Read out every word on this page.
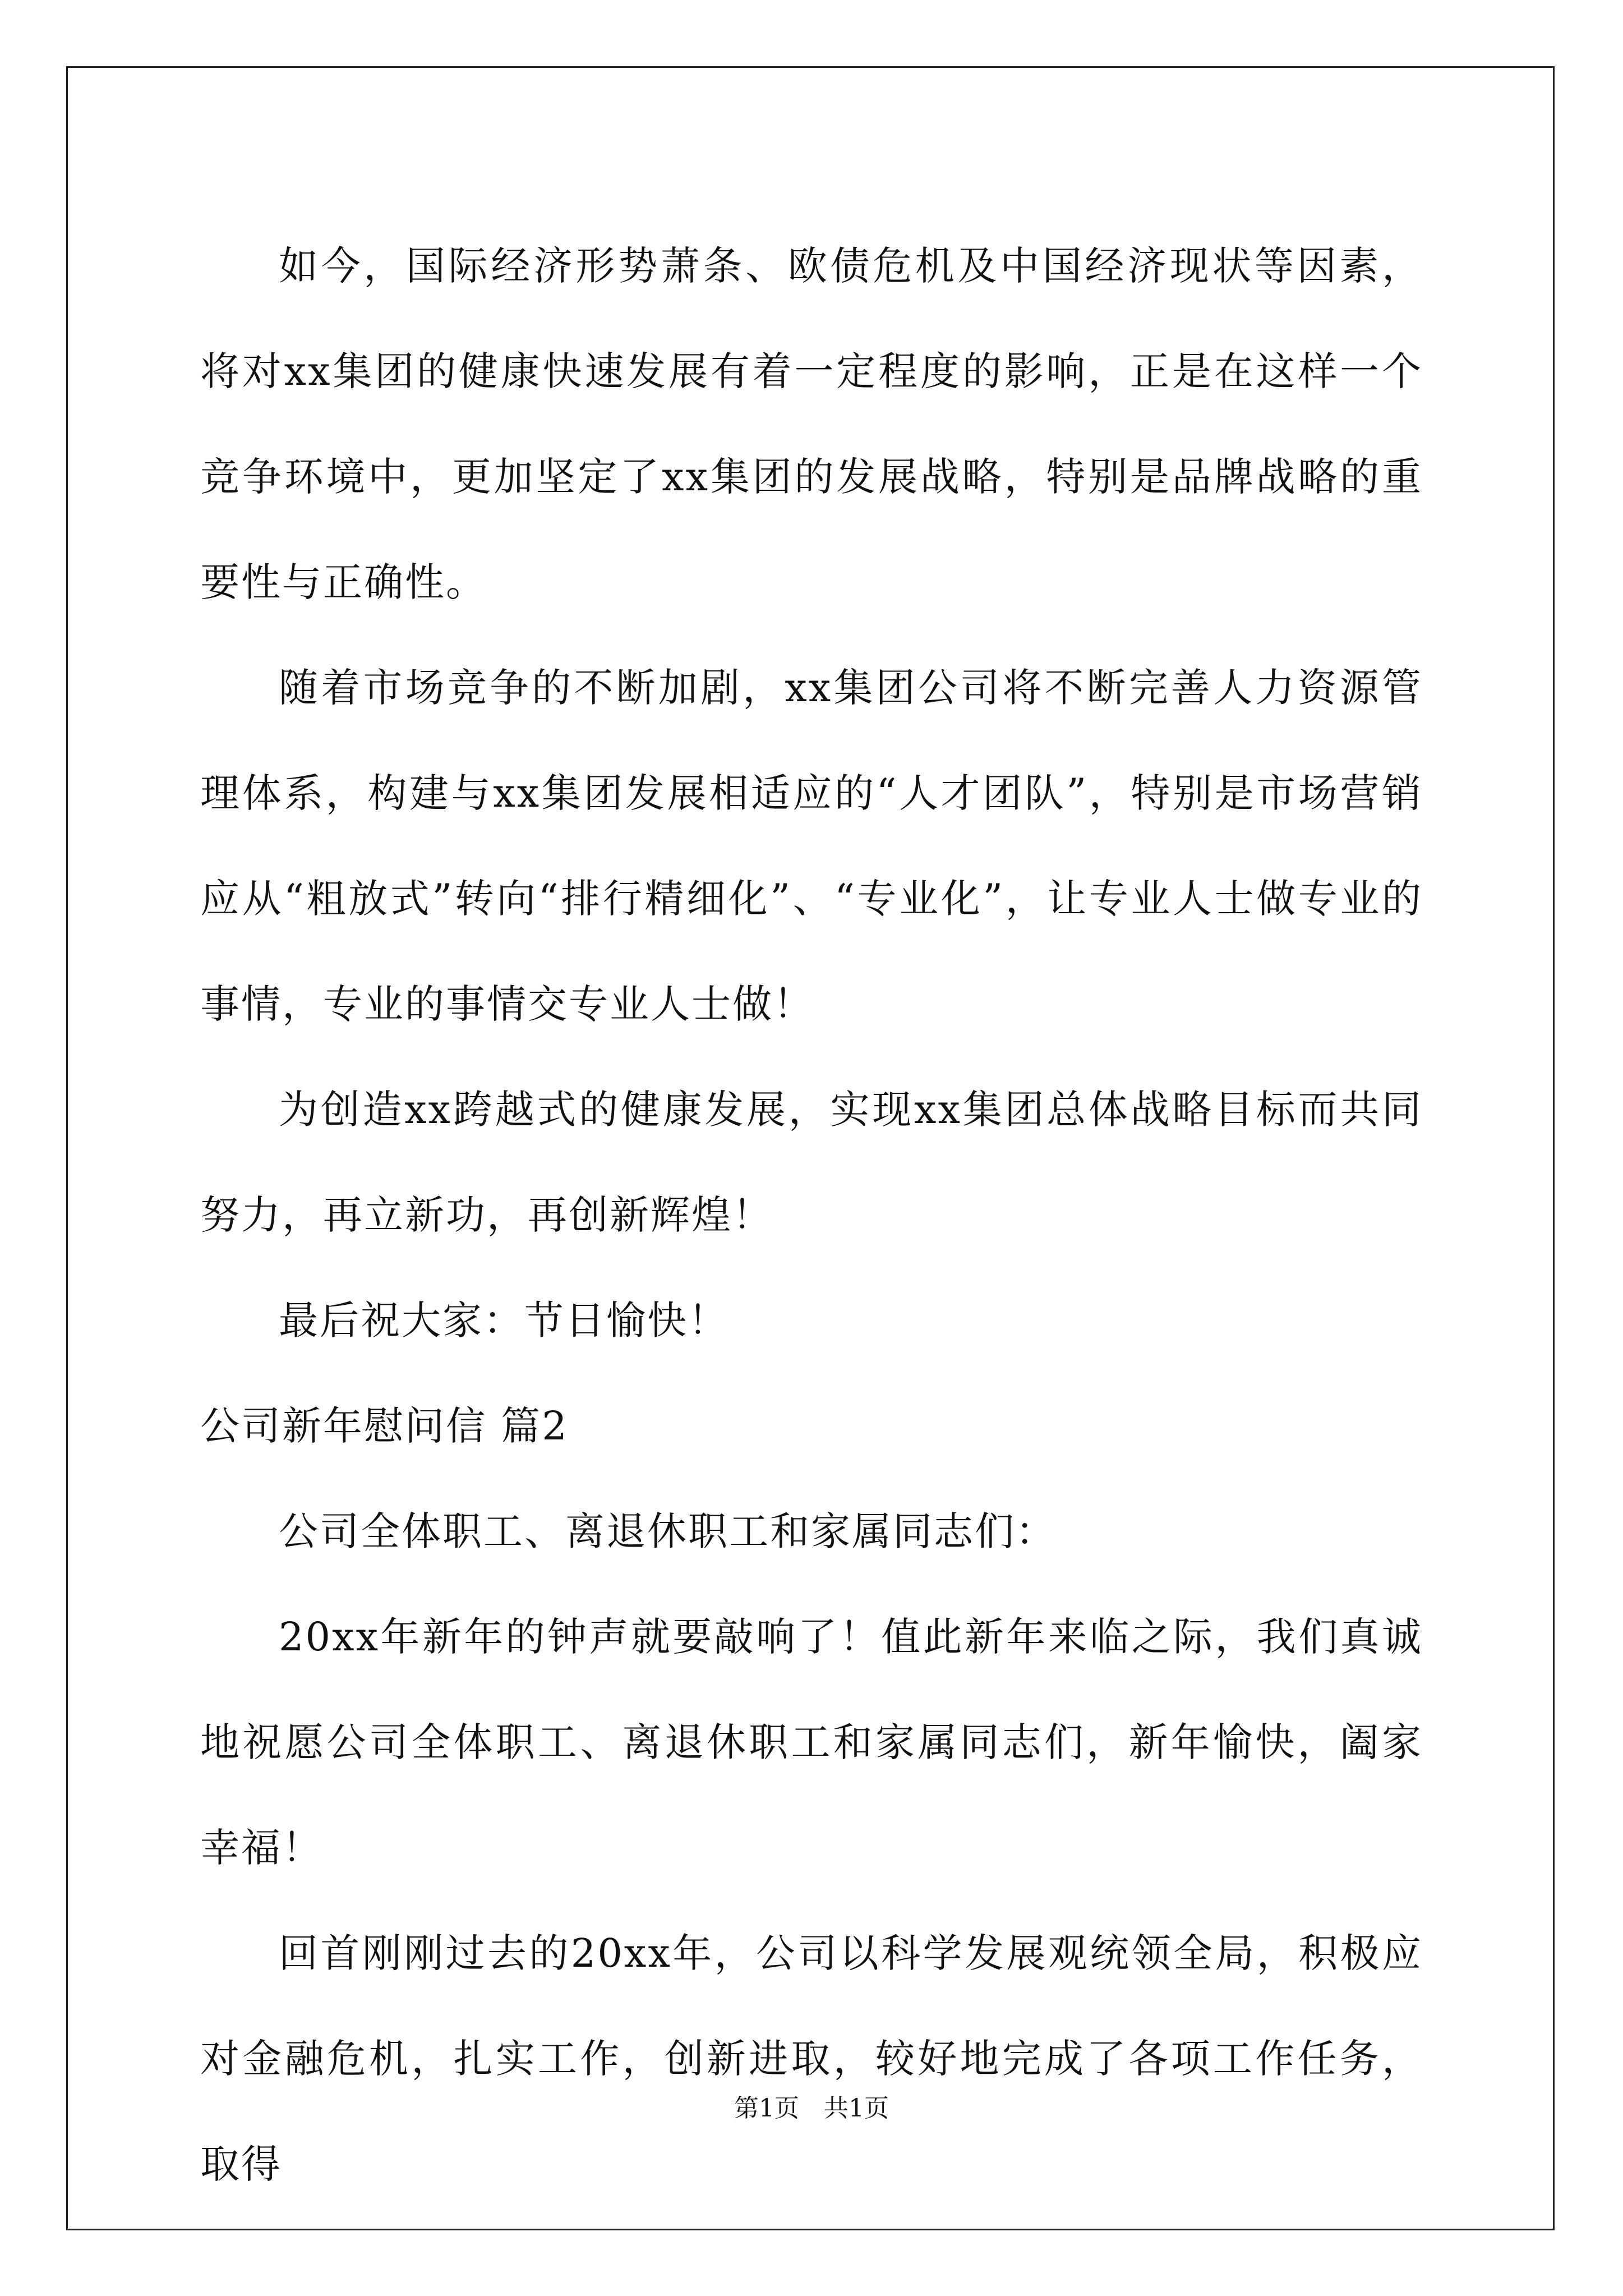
如今，国际经济形势萧条、欧债危机及中国经济现状等因素，将对xx集团的健康快速发展有着一定程度的影响，正是在这样一个竞争环境中，更加坚定了xx集团的发展战略，特别是品牌战略的重要性与正确性。

随着市场竞争的不断加剧，xx集团公司将不断完善人力资源管理体系，构建与xx集团发展相适应的“人才团队”，特别是市场营销应从“粗放式”转向“排行精细化”、“专业化”，让专业人士做专业的事情，专业的事情交专业人士做！

为创造xx跨越式的健康发展，实现xx集团总体战略目标而共同努力，再立新功，再创新辉煌！

最后祝大家：节日愉快！

公司新年慰问信 篇2

公司全体职工、离退休职工和家属同志们：

20xx年新年的钟声就要敲响了！值此新年来临之际，我们真诚地祝愿公司全体职工、离退休职工和家属同志们，新年愉快，阖家幸福！

回首刚刚过去的20xx年，公司以科学发展观统领全局，积极应对金融危机，扎实工作，创新进取，较好地完成了各项工作任务，取得

第1页　共1页
